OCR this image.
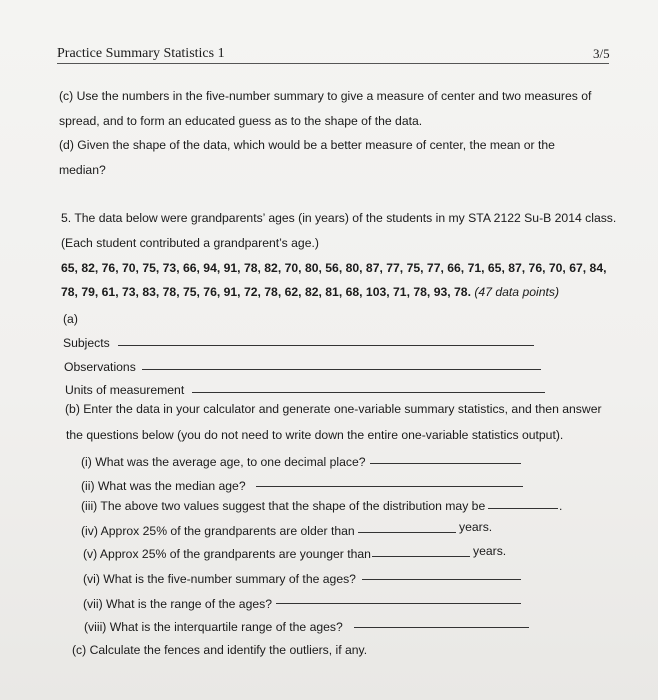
Practice Summary Statistics 1	3/5
(c) Use the numbers in the five-number summary to give a measure of center and two measures of
spread, and to form an educated guess as to the shape of the data.
(d) Given the shape of the data, which would be a better measure of center, the mean or the
median?
5. The data below were grandparents’ ages (in years) of the students in my STA 2122 Su-B 2014 class.
(Each student contributed a grandparent’s age.)
65, 82, 76, 70, 75, 73, 66, 94, 91, 78, 82, 70, 80, 56, 80, 87, 77, 75, 77, 66, 71, 65, 87, 76, 70, 67, 84,
78, 79, 61, 73, 83, 78, 75, 76, 91, 72, 78, 62, 82, 81, 68, 103, 71, 78, 93, 78. (47 data points)
(a)
Subjects
Observations
Units of measurement
(b) Enter the data in your calculator and generate one-variable summary statistics, and then answer
the questions below (you do not need to write down the entire one-variable statistics output).
(i) What was the average age, to one decimal place?
(ii) What was the median age?
(iii) The above two values suggest that the shape of the distribution may be	.
(iv) Approx 25% of the grandparents are older than	years.
(v) Approx 25% of the grandparents are younger than	years.
(vi) What is the five-number summary of the ages?
(vii) What is the range of the ages?
(viii) What is the interquartile range of the ages?
(c) Calculate the fences and identify the outliers, if any.
